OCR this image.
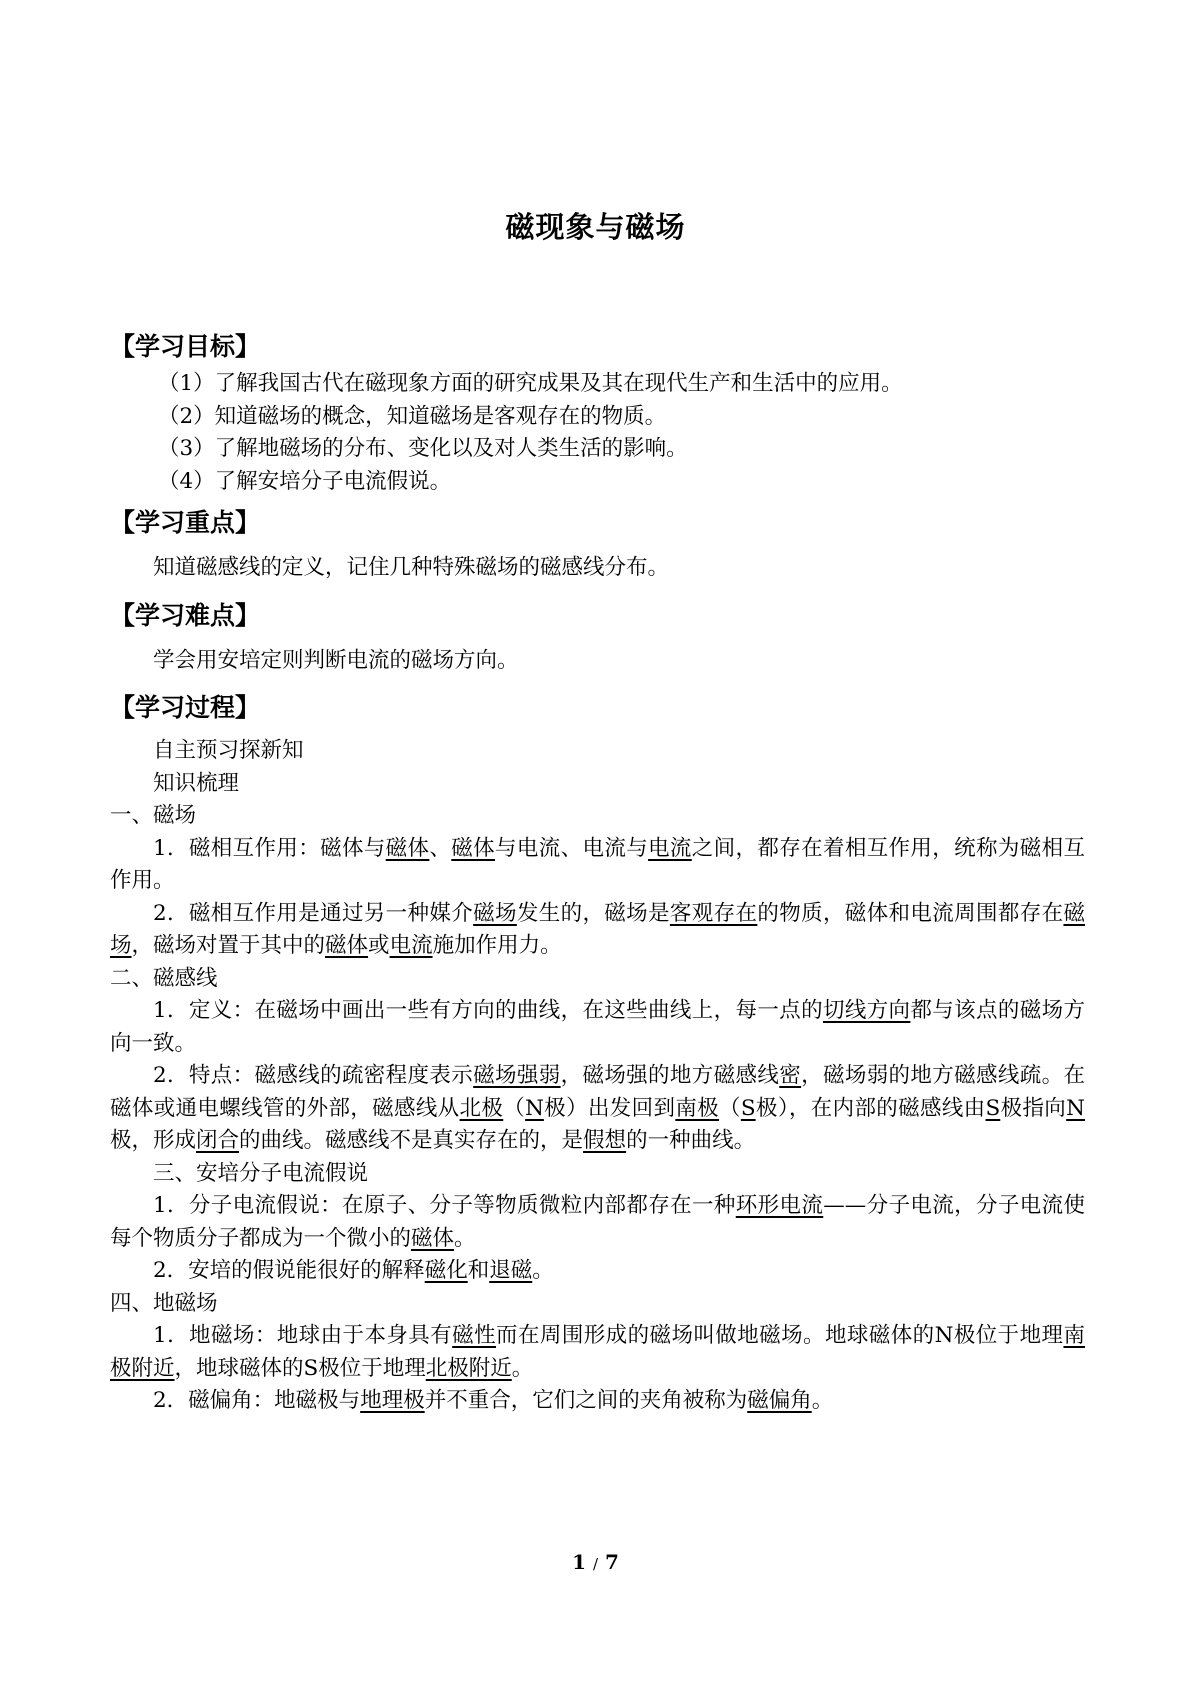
磁现象与磁场
【学习目标】

（1）了解我国古代在磁现象方面的研究成果及其在现代生产和生活中的应用。

（2）知道磁场的概念，知道磁场是客观存在的物质。

（3）了解地磁场的分布、变化以及对人类生活的影响。

（4）了解安培分子电流假说。

【学习重点】

知道磁感线的定义，记住几种特殊磁场的磁感线分布。

【学习难点】

学会用安培定则判断电流的磁场方向。

【学习过程】

自主预习探新知

知识梳理

一、磁场

1．磁相互作用：磁体与磁体、磁体与电流、电流与电流之间，都存在着相互作用，统称为磁相互作用。

2．磁相互作用是通过另一种媒介磁场发生的，磁场是客观存在的物质，磁体和电流周围都存在磁场，磁场对置于其中的磁体或电流施加作用力。

二、磁感线

1．定义：在磁场中画出一些有方向的曲线，在这些曲线上，每一点的切线方向都与该点的磁场方向一致。

2．特点：磁感线的疏密程度表示磁场强弱，磁场强的地方磁感线密，磁场弱的地方磁感线疏。在磁体或通电螺线管的外部，磁感线从北极（N极）出发回到南极（S极），在内部的磁感线由S极指向N极，形成闭合的曲线。磁感线不是真实存在的，是假想的一种曲线。

三、安培分子电流假说

1．分子电流假说：在原子、分子等物质微粒内部都存在一种环形电流——分子电流，分子电流使每个物质分子都成为一个微小的磁体。

2．安培的假说能很好的解释磁化和退磁。

四、地磁场

1．地磁场：地球由于本身具有磁性而在周围形成的磁场叫做地磁场。地球磁体的N极位于地理南极附近，地球磁体的S极位于地理北极附近。

2．磁偏角：地磁极与地理极并不重合，它们之间的夹角被称为磁偏角。

1 / 7
